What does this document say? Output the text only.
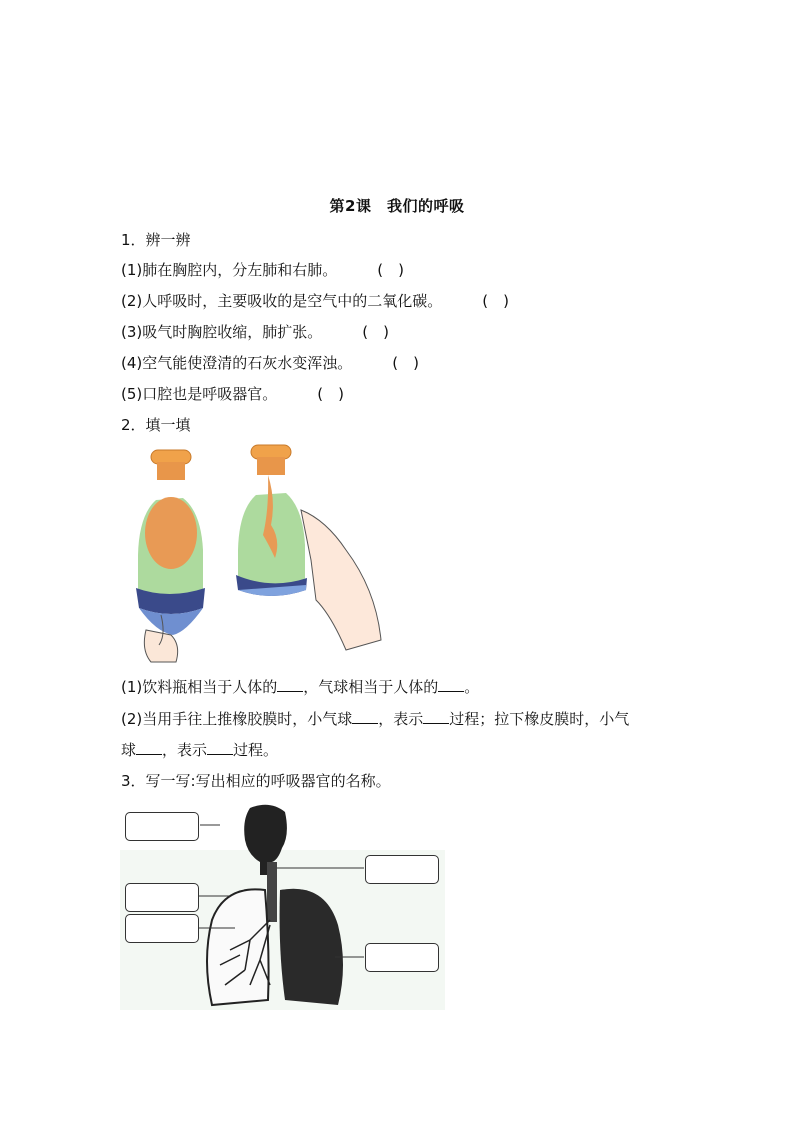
第2课　我们的呼吸
1．辨一辨
(1)肺在胸腔内，分左肺和右肺。	(　)
(2)人呼吸时，主要吸收的是空气中的二氧化碳。	(　)
(3)吸气时胸腔收缩，肺扩张。	(　)
(4)空气能使澄清的石灰水变浑浊。	(　)
(5)口腔也是呼吸器官。	(　)
2．填一填
(1)饮料瓶相当于人体的 ，气球相当于人体的 。
(2)当用手往上推橡胶膜时，小气球 ，表示 过程；拉下橡皮膜时，小气
球 ，表示 过程。
3．写一写:写出相应的呼吸器官的名称。
